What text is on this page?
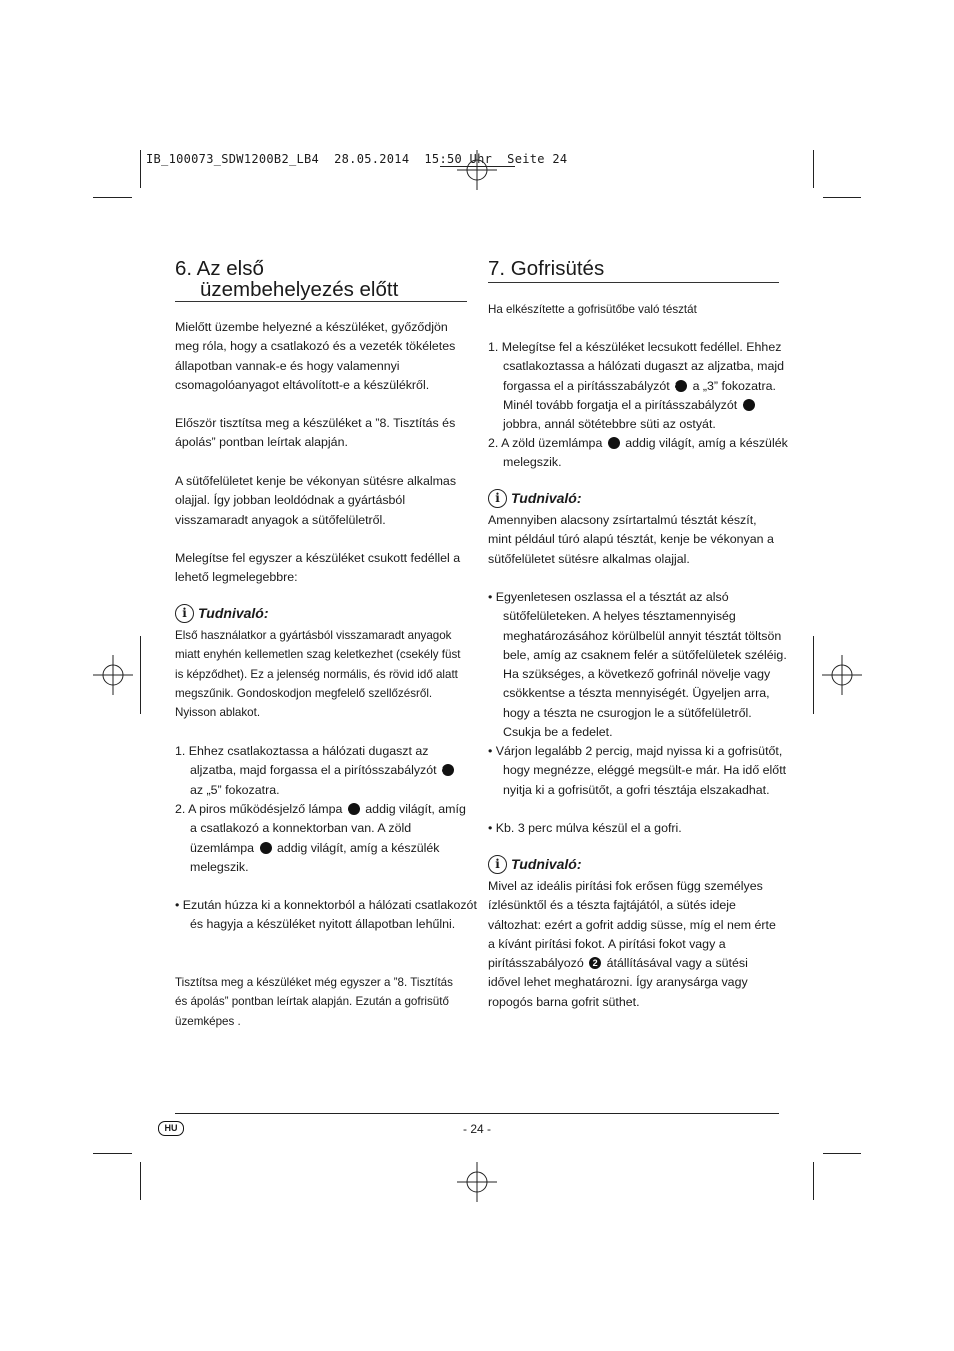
IB_100073_SDW1200B2_LB4  28.05.2014  15:50 Uhr  Seite 24
6. Az első
üzembehelyezés előtt

Mielőtt üzembe helyezné a készüléket, győződjön meg róla, hogy a csatlakozó és a vezeték tökéletes állapotban vannak-e és hogy valamennyi csomagolóanyagot eltávolított-e a készülékről.

Először tisztítsa meg a készüléket a ”8. Tisztítás és ápolás” pontban leírtak alapján.

A sütőfelületet kenje be vékonyan sütésre alkalmas olajjal. Így jobban leoldódnak a gyártásból visszamaradt anyagok a sütőfelületről.

Melegítse fel egyszer a készüléket csukott fedéllel a lehető legmelegebbre:

i Tudnivaló:

Első használatkor a gyártásból visszamaradt anyagok miatt enyhén kellemetlen szag keletkezhet (csekély füst is képződhet). Ez a jelenség normális, és rövid idő alatt megszűnik. Gondoskodjon megfelelő szellőzésről. Nyisson ablakot.

1. Ehhez csatlakoztassa a hálózati dugaszt az aljzatba, majd forgassa el a pirítósszabályzót 2 az „5” fokozatra.

2. A piros működésjelző lámpa 1 addig világít, amíg a csatlakozó a konnektorban van. A zöld üzemlámpa 1 addig világít, amíg a készülék melegszik.

• Ezután húzza ki a konnektorból a hálózati csatlakozót és hagyja a készüléket nyitott állapotban lehűlni.

Tisztítsa meg a készüléket még egyszer a ”8. Tisztítás és ápolás” pontban leírtak alapján. Ezután a gofrisütő üzemképes .

7. Gofrisütés

Ha elkészítette a gofrisütőbe való tésztát

1. Melegítse fel a készüléket lecsukott fedéllel. Ehhez csatlakoztassa a hálózati dugaszt az aljzatba, majd forgassa el a pirításszabályzót 2 a „3” fokozatra. Minél tovább forgatja el a pirításszabályzót 2 jobbra, annál sötétebbre süti az ostyát.

2. A zöld üzemlámpa 1 addig világít, amíg a készülék melegszik.

i Tudnivaló:

Amennyiben alacsony zsírtartalmú tésztát készít, mint például túró alapú tésztát, kenje be vékonyan a sütőfelületet sütésre alkalmas olajjal.

• Egyenletesen oszlassa el a tésztát az alsó sütőfelületeken. A helyes tésztamennyiség meghatározásához körülbelül annyit tésztát töltsön bele, amíg az csaknem felér a sütőfelületek széléig. Ha szükséges, a következő gofrinál növelje vagy csökkentse a tészta mennyiségét. Ügyeljen arra, hogy a tészta ne csurogjon le a sütőfelületről. Csukja be a fedelet.

• Várjon legalább 2 percig, majd nyissa ki a gofrisütőt, hogy megnézze, eléggé megsült-e már. Ha idő előtt nyitja ki a gofrisütőt, a gofri tésztája elszakadhat.

• Kb. 3 perc múlva készül el a gofri.

i Tudnivaló:

Mivel az ideális pirítási fok erősen függ személyes ízlésünktől és a tészta fajtájától, a sütés ideje változhat: ezért a gofrit addig süsse, míg el nem érte a kívánt pirítási fokot. A pirítási fokot vagy a pirításszabályozó 2 átállításával vagy a sütési idővel lehet meghatározni. Így aranysárga vagy ropogós barna gofrit süthet.

HU	- 24 -
